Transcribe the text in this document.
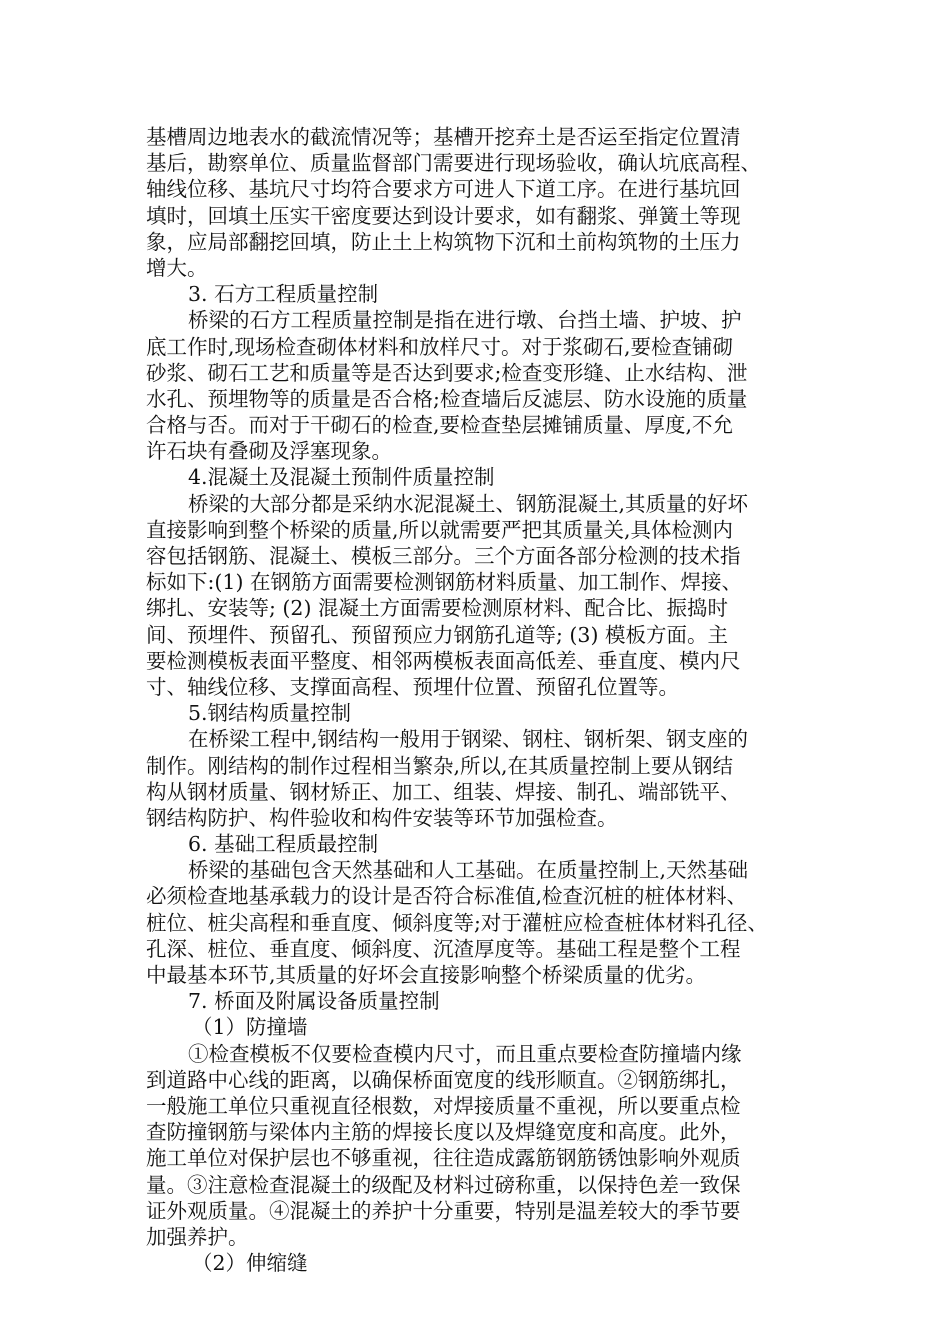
基槽周边地表水的截流情况等；基槽开挖弃土是否运至指定位置清
基后，勘察单位、质量监督部门需要进行现场验收，确认坑底高程、
轴线位移、基坑尺寸均符合要求方可进人下道工序。在进行基坑回
填时，回填土压实干密度要达到设计要求，如有翻浆、弹簧土等现
象，应局部翻挖回填，防止土上构筑物下沉和土前构筑物的土压力
增大。
3. 石方工程质量控制
桥梁的石方工程质量控制是指在进行墩、台挡土墙、护坡、护
底工作时,现场检查砌体材料和放样尺寸。对于浆砌石,要检查铺砌
砂浆、砌石工艺和质量等是否达到要求;检查变形缝、止水结构、泄
水孔、预埋物等的质量是否合格;检查墙后反滤层、防水设施的质量
合格与否。而对于干砌石的检查,要检查垫层摊铺质量、厚度,不允
许石块有叠砌及浮塞现象。
4.混凝土及混凝土预制件质量控制
桥梁的大部分都是采纳水泥混凝土、钢筋混凝土,其质量的好坏
直接影响到整个桥梁的质量,所以就需要严把其质量关,具体检测内
容包括钢筋、混凝土、模板三部分。三个方面各部分检测的技术指
标如下:(1) 在钢筋方面需要检测钢筋材料质量、加工制作、焊接、
绑扎、安装等; (2) 混凝土方面需要检测原材料、配合比、振捣时
间、预埋件、预留孔、预留预应力钢筋孔道等; (3) 模板方面。主
要检测模板表面平整度、相邻两模板表面高低差、垂直度、模内尺
寸、轴线位移、支撑面高程、预埋什位置、预留孔位置等。
5.钢结构质量控制
在桥梁工程中,钢结构一般用于钢梁、钢柱、钢析架、钢支座的
制作。刚结构的制作过程相当繁杂,所以,在其质量控制上要从钢结
构从钢材质量、钢材矫正、加工、组装、焊接、制孔、端部铣平、
钢结构防护、构件验收和构件安装等环节加强检查。
6. 基础工程质最控制
桥梁的基础包含天然基础和人工基础。在质量控制上,天然基础
必须检查地基承载力的设计是否符合标准值,检查沉桩的桩体材料、
桩位、桩尖高程和垂直度、倾斜度等;对于灌桩应检查桩体材料孔径、
孔深、桩位、垂直度、倾斜度、沉渣厚度等。基础工程是整个工程
中最基本环节,其质量的好坏会直接影响整个桥梁质量的优劣。
7. 桥面及附属设备质量控制
（1）防撞墙
①检查模板不仅要检查模内尺寸，而且重点要检查防撞墙内缘
到道路中心线的距离，以确保桥面宽度的线形顺直。②钢筋绑扎，
一般施工单位只重视直径根数，对焊接质量不重视，所以要重点检
查防撞钢筋与梁体内主筋的焊接长度以及焊缝宽度和高度。此外，
施工单位对保护层也不够重视，往往造成露筋钢筋锈蚀影响外观质
量。③注意检查混凝土的级配及材料过磅称重，以保持色差一致保
证外观质量。④混凝土的养护十分重要，特别是温差较大的季节要
加强养护。
（2）伸缩缝
